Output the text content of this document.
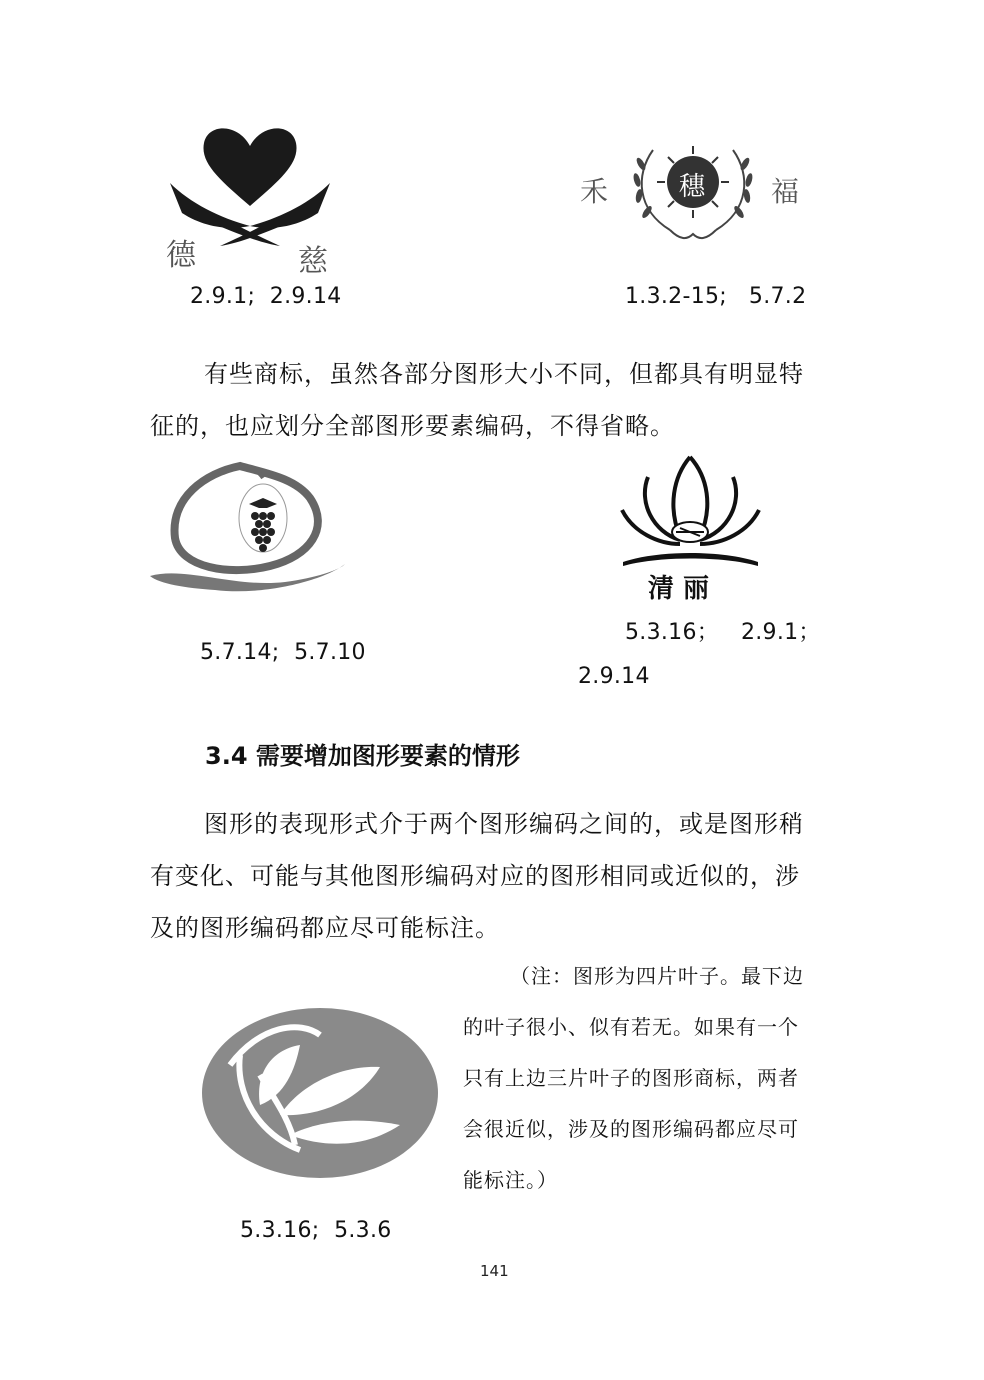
德	慈
2.9.1;  2.9.14
禾	穗 福
1.3.2-15;   5.7.2
有些商标，虽然各部分图形大小不同，但都具有明显特
征的，也应划分全部图形要素编码，不得省略。
5.7.14;  5.7.10
清 丽
5.3.16；   2.9.1；
2.9.14
3.4 需要增加图形要素的情形
图形的表现形式介于两个图形编码之间的，或是图形稍
有变化、可能与其他图形编码对应的图形相同或近似的，涉
及的图形编码都应尽可能标注。
5.3.16;  5.3.6
（注：图形为四片叶子。最下边
的叶子很小、似有若无。如果有一个
只有上边三片叶子的图形商标，两者
会很近似，涉及的图形编码都应尽可
能标注。）
141
